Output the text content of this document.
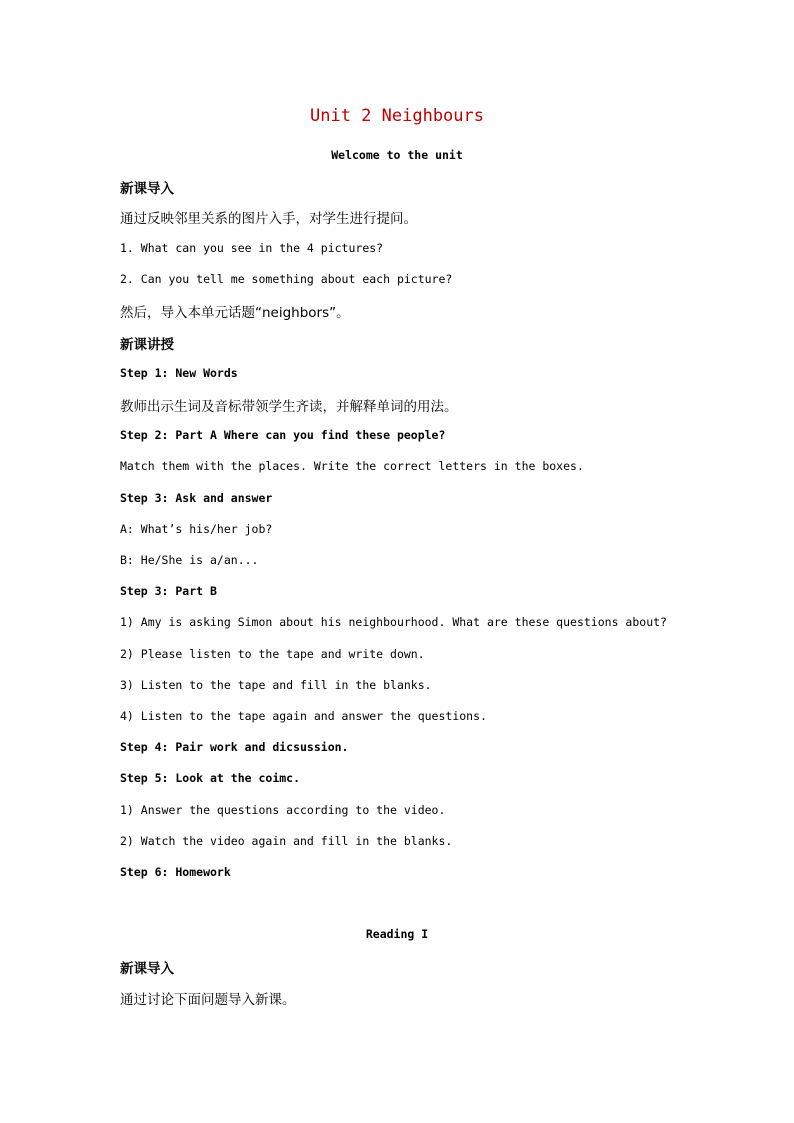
Unit 2 Neighbours
Welcome to the unit
新课导入
通过反映邻里关系的图片入手，对学生进行提问。
1. What can you see in the 4 pictures?
2. Can you tell me something about each picture?
然后，导入本单元话题“neighbors”。
新课讲授
Step 1: New Words
教师出示生词及音标带领学生齐读，并解释单词的用法。
Step 2: Part A Where can you find these people?
Match them with the places. Write the correct letters in the boxes.
Step 3: Ask and answer
A: What’s his/her job?
B: He/She is a/an...
Step 3: Part B
1) Amy is asking Simon about his neighbourhood. What are these questions about?
2) Please listen to the tape and write down.
3) Listen to the tape and fill in the blanks.
4) Listen to the tape again and answer the questions.
Step 4: Pair work and dicsussion.
Step 5: Look at the coimc.
1) Answer the questions according to the video.
2) Watch the video again and fill in the blanks.
Step 6: Homework
Reading I
新课导入
通过讨论下面问题导入新课。
